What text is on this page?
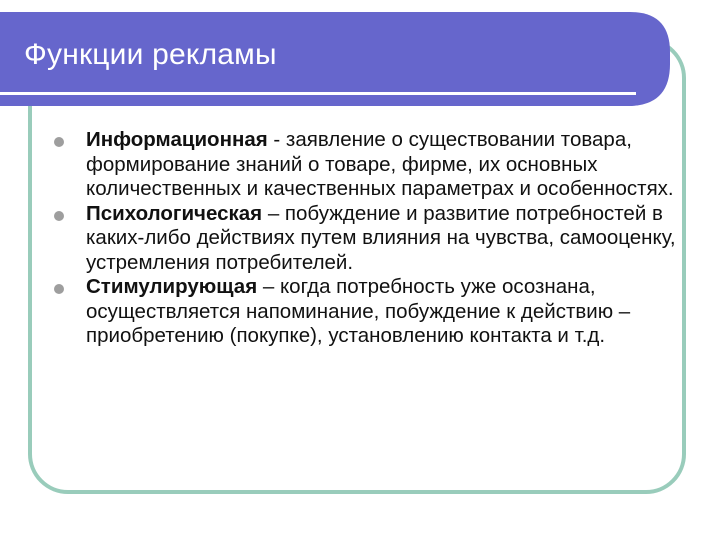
Функции рекламы
Информационная - заявление о существовании товара, формирование знаний о товаре, фирме, их основных количественных и качественных параметрах и особенностях.
Психологическая – побуждение и развитие потребностей в каких-либо действиях путем влияния на чувства, самооценку, устремления потребителей.
Стимулирующая – когда потребность уже осознана, осуществляется напоминание, побуждение к действию – приобретению (покупке), установлению контакта и т.д.
